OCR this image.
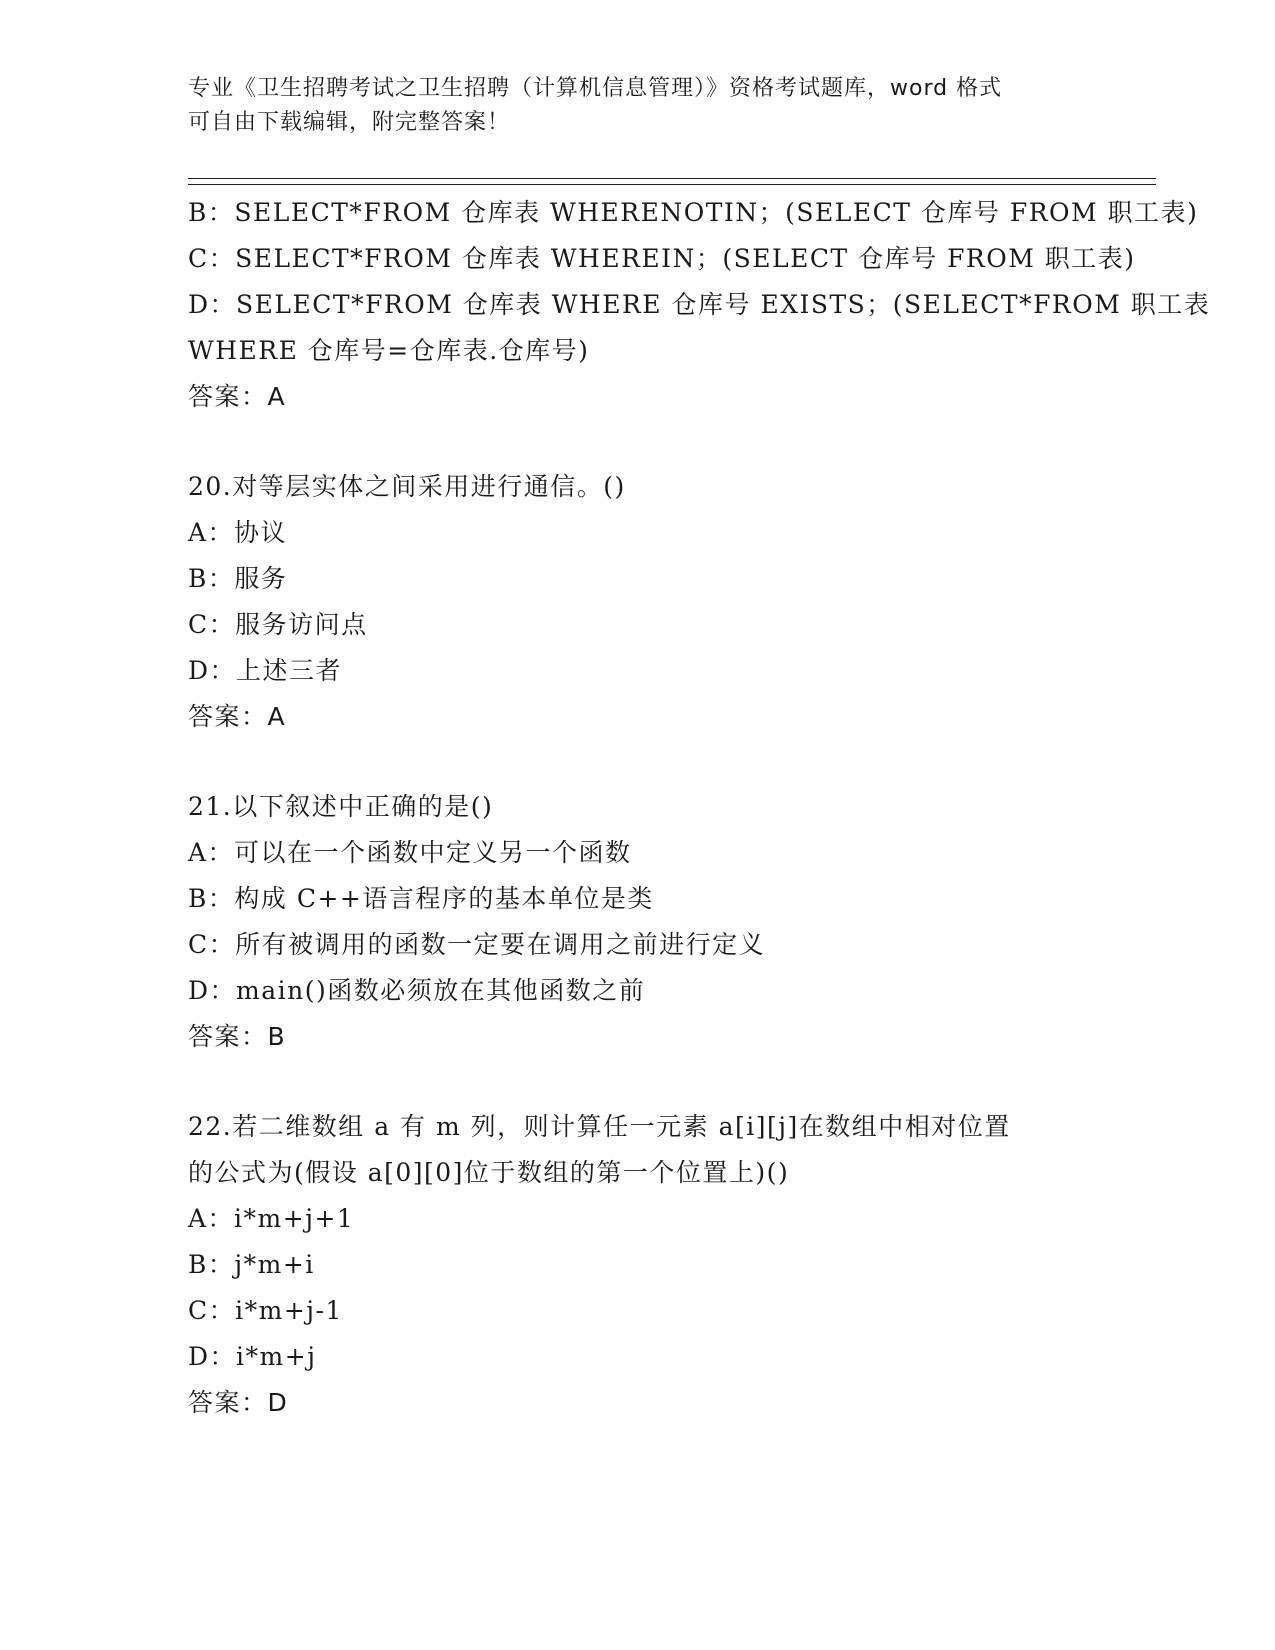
专业《卫生招聘考试之卫生招聘（计算机信息管理）》资格考试题库，word 格式
可自由下载编辑，附完整答案！
B：SELECT*FROM 仓库表 WHERENOTIN；(SELECT 仓库号 FROM 职工表)
C：SELECT*FROM 仓库表 WHEREIN；(SELECT 仓库号 FROM 职工表)
D：SELECT*FROM 仓库表 WHERE 仓库号 EXISTS；(SELECT*FROM 职工表
WHERE 仓库号=仓库表.仓库号)
答案：A
20.对等层实体之间采用进行通信。()
A：协议
B：服务
C：服务访问点
D：上述三者
答案：A
21.以下叙述中正确的是()
A：可以在一个函数中定义另一个函数
B：构成 C++语言程序的基本单位是类
C：所有被调用的函数一定要在调用之前进行定义
D：main()函数必须放在其他函数之前
答案：B
22.若二维数组 a 有 m 列，则计算任一元素 a[i][j]在数组中相对位置
的公式为(假设 a[0][0]位于数组的第一个位置上)()
A：i*m+j+1
B：j*m+i
C：i*m+j-1
D：i*m+j
答案：D
